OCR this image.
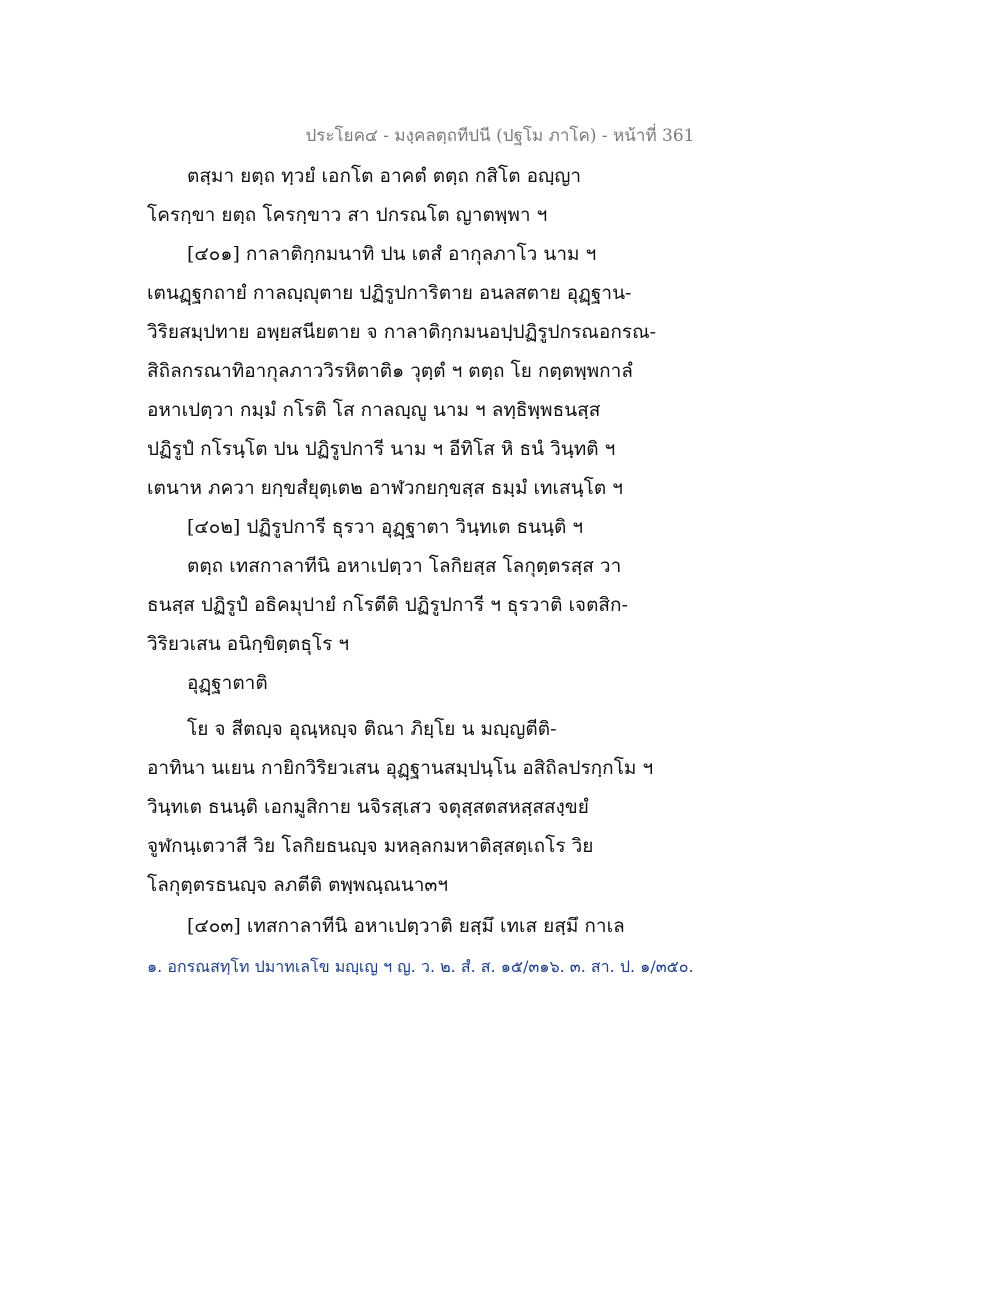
ประโยค๔ - มงฺคลตฺถทีปนี (ปฐโม ภาโค) - หน้าที่ 361
ตสฺมา ยตฺถ ทฺวยํ เอกโต อาคตํ ตตฺถ กสิโต อญฺญา
โครกฺขา ยตฺถ โครกฺขาว สา ปกรณโต ญาตพฺพา ฯ
[๔๐๑] กาลาติกฺกมนาทิ ปน เตสํ อากุลภาโว นาม ฯ
เตนฏฺฐกถายํ กาลญฺญุตาย ปฏิรูปการิตาย อนลสตาย อุฏฺฐาน-
วิริยสมฺปทาย อพฺยสนียตาย จ กาลาติกฺกมนอปฺปฏิรูปกรณอกรณ-
สิถิลกรณาทิอากุลภาววิรหิตาติ๑ วุตฺตํ ฯ ตตฺถ โย กตฺตพฺพกาลํ
อหาเปตฺวา กมฺมํ กโรติ โส กาลญฺญู นาม ฯ ลทฺธิพฺพธนสฺส
ปฏิรูปํ กโรนฺโต ปน ปฏิรูปการี นาม ฯ อีทิโส หิ ธนํ วินฺทติ ฯ
เตนาห ภควา ยกฺขสํยุตฺเต๒ อาฬวกยกฺขสฺส ธมฺมํ เทเสนฺโต ฯ
[๔๐๒] ปฏิรูปการี ธุรวา อุฏฺฐาตา วินฺทเต ธนนฺติ ฯ
ตตฺถ เทสกาลาทีนิ อหาเปตฺวา โลกิยสฺส โลกุตฺตรสฺส วา
ธนสฺส ปฏิรูปํ อธิคมุปายํ กโรตีติ ปฏิรูปการี ฯ ธุรวาติ เจตสิก-
วิริยวเสน อนิกฺขิตฺตธุโร ฯ
อุฏฺฐาตาติ
โย จ สีตญฺจ อุณฺหญฺจ ติณา ภิยฺโย น มญฺญตีติ-
อาทินา นเยน กายิกวิริยวเสน อุฏฺฐานสมฺปนฺโน อสิถิลปรกฺกโม ฯ
วินฺทเต ธนนฺติ เอกมูสิกาย นจิรสฺเสว จตุสฺสตสหสฺสสงฺขยํ
จูฬกนฺเตวาสี วิย โลกิยธนญฺจ มหลฺลกมหาติสฺสตฺเถโร วิย
โลกุตฺตรธนญฺจ ลภตีติ ตพฺพณฺณนา๓ฯ
[๔๐๓] เทสกาลาทีนิ อหาเปตฺวาติ ยสฺมึ เทเส ยสฺมึ กาเล
๑. อกรณสทฺโท ปมาทเลโข มญฺเญ ฯ ญ. ว. ๒. สํ. ส. ๑๕/๓๑๖. ๓. สา. ป. ๑/๓๕๐.
